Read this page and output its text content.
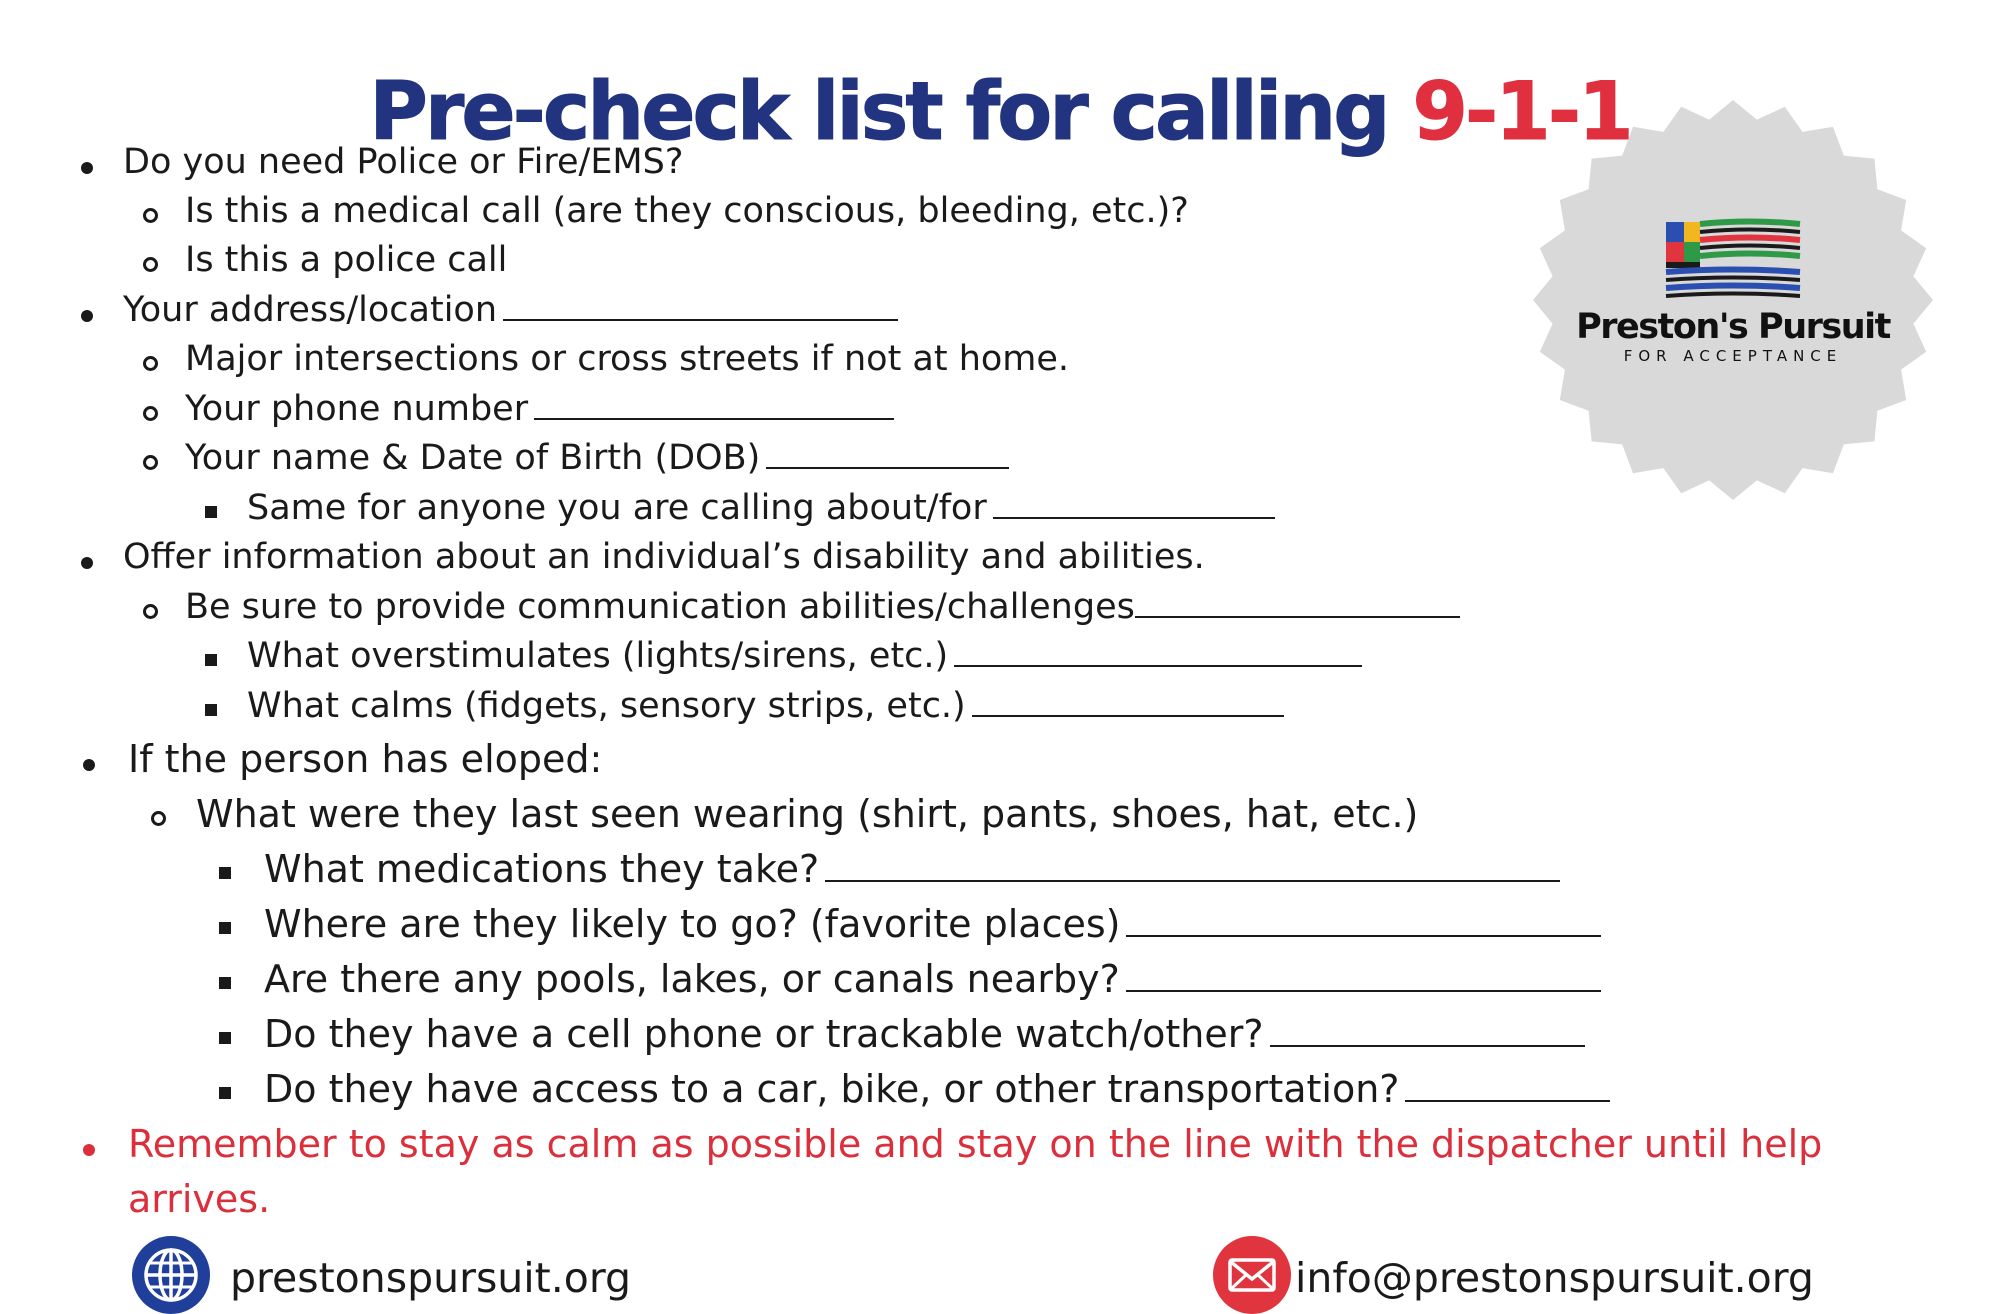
Pre-check list for calling 9-1-1
Do you need Police or Fire/EMS?
Is this a medical call (are they conscious, bleeding, etc.)?
Is this a police call
Your address/location
Major intersections or cross streets if not at home.
Your phone number
Your name & Date of Birth (DOB)
Same for anyone you are calling about/for
Offer information about an individual’s disability and abilities.
Be sure to provide communication abilities/challenges
What overstimulates (lights/sirens, etc.)
What calms (fidgets, sensory strips, etc.)
If the person has eloped:
What were they last seen wearing (shirt, pants, shoes, hat, etc.)
What medications they take?
Where are they likely to go? (favorite places)
Are there any pools, lakes, or canals nearby?
Do they have a cell phone or trackable watch/other?
Do they have access to a car, bike, or other transportation?
Remember to stay as calm as possible and stay on the line with the dispatcher until help
arrives.
Preston's Pursuit
FOR ACCEPTANCE
prestonspursuit.org	info@prestonspursuit.org
